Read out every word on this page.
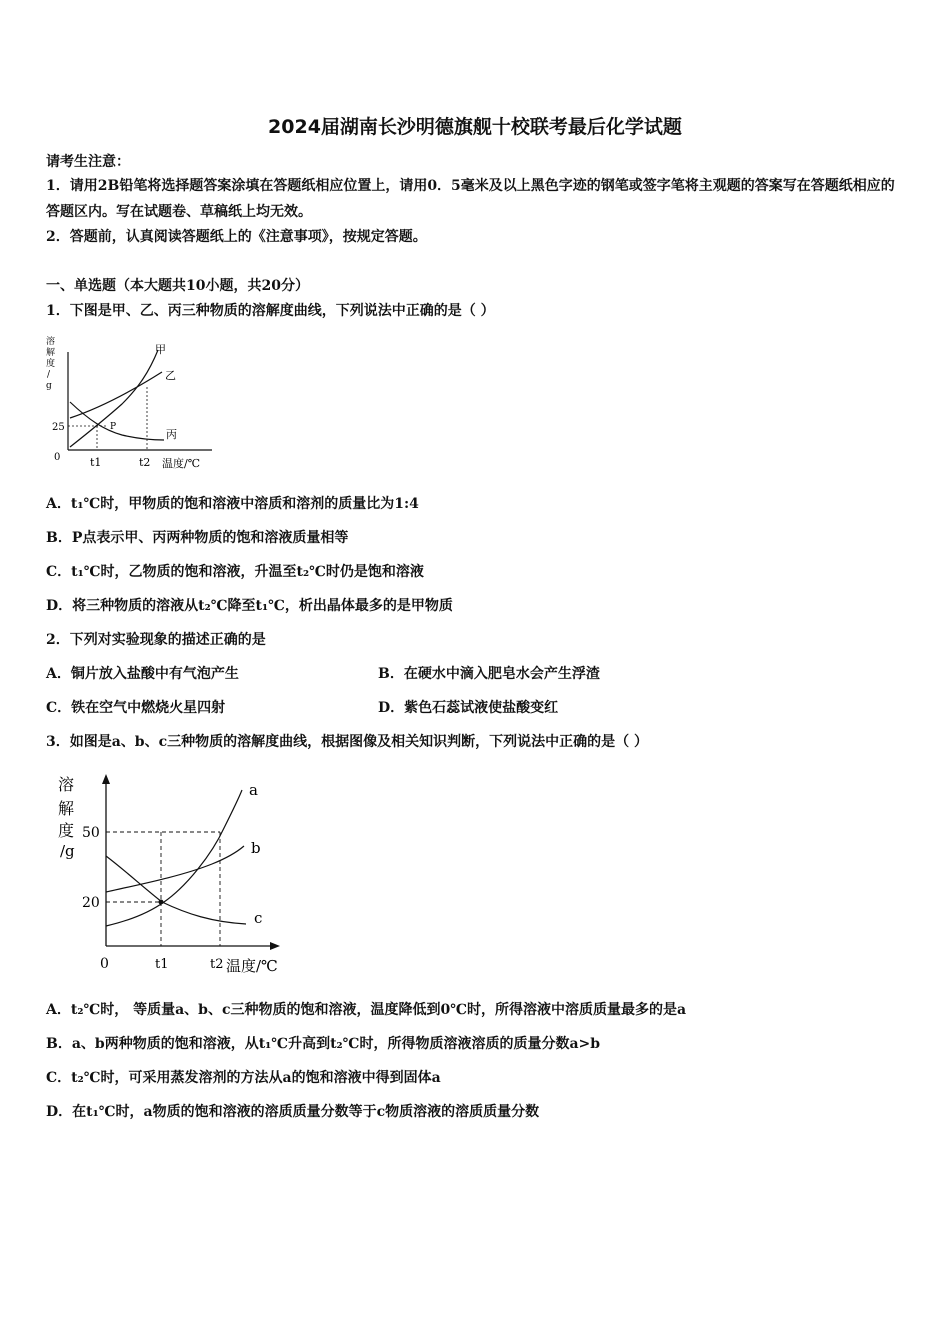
2024届湖南长沙明德旗舰十校联考最后化学试题
请考生注意：
1．请用2B铅笔将选择题答案涂填在答题纸相应位置上，请用0．5毫米及以上黑色字迹的钢笔或签字笔将主观题的答案写在答题纸相应的答题区内。写在试题卷、草稿纸上均无效。
2．答题前，认真阅读答题纸上的《注意事项》，按规定答题。
一、单选题（本大题共10小题，共20分）
1．下图是甲、乙、丙三种物质的溶解度曲线，下列说法中正确的是（ ）
溶 解 度 / g
25
0	t1	t2 温度/℃
甲
乙
丙
P
A．t₁℃时，甲物质的饱和溶液中溶质和溶剂的质量比为1:4
B．P点表示甲、丙两种物质的饱和溶液质量相等
C．t₁℃时，乙物质的饱和溶液，升温至t₂℃时仍是饱和溶液
D．将三种物质的溶液从t₂℃降至t₁℃，析出晶体最多的是甲物质
2．下列对实验现象的描述正确的是
A．铜片放入盐酸中有气泡产生	B．在硬水中滴入肥皂水会产生浮渣
C．铁在空气中燃烧火星四射	D．紫色石蕊试液使盐酸变红
3．如图是a、b、c三种物质的溶解度曲线，根据图像及相关知识判断，下列说法中正确的是（ ）
溶
解
度
/g
50
20
0	t1	t2 温度/℃
a
b
c
A．t₂℃时， 等质量a、b、c三种物质的饱和溶液，温度降低到0℃时，所得溶液中溶质质量最多的是a
B．a、b两种物质的饱和溶液，从t₁℃升高到t₂℃时，所得物质溶液溶质的质量分数a>b
C．t₂℃时，可采用蒸发溶剂的方法从a的饱和溶液中得到固体a
D．在t₁℃时，a物质的饱和溶液的溶质质量分数等于c物质溶液的溶质质量分数
